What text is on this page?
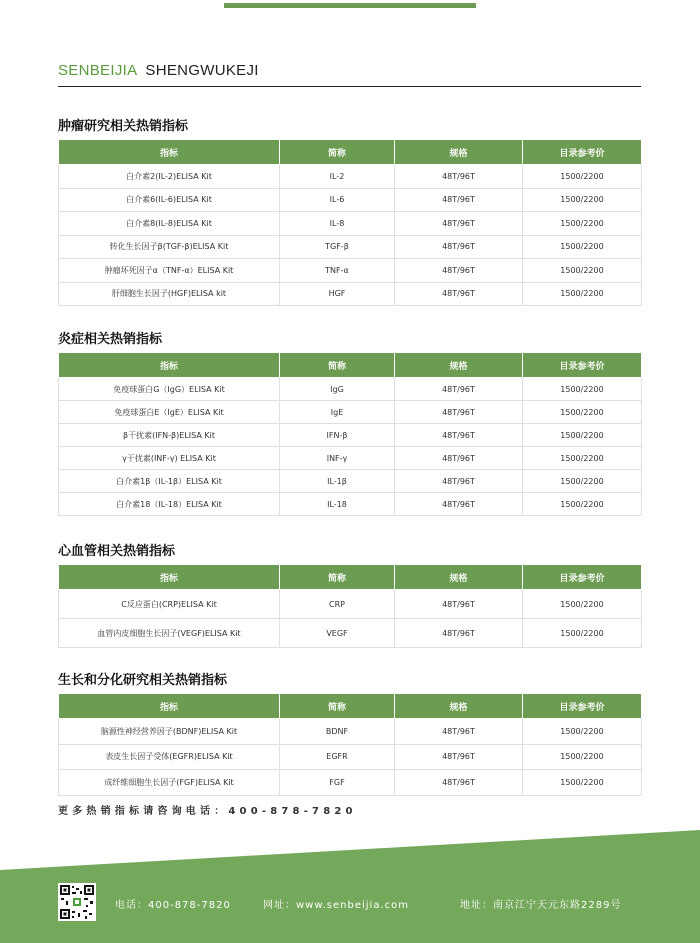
SENBEIJIA SHENGWUKEJI
肿瘤研究相关热销指标
指标	简称	规格	目录参考价
白介素2(IL-2)ELISA Kit	IL-2	48T/96T	1500/2200
白介素6(IL-6)ELISA Kit	IL-6	48T/96T	1500/2200
白介素8(IL-8)ELISA Kit	IL-8	48T/96T	1500/2200
转化生长因子β(TGF-β)ELISA Kit	TGF-β	48T/96T	1500/2200
肿瘤坏死因子α（TNF-α）ELISA Kit	TNF-α	48T/96T	1500/2200
肝细胞生长因子(HGF)ELISA kit	HGF	48T/96T	1500/2200
炎症相关热销指标
指标	简称	规格	目录参考价
免疫球蛋白G（IgG）ELISA Kit	IgG	48T/96T	1500/2200
免疫球蛋白E（IgE）ELISA Kit	IgE	48T/96T	1500/2200
β干扰素(IFN-β)ELISA Kit	IFN-β	48T/96T	1500/2200
γ干扰素(INF-γ) ELISA Kit	INF-γ	48T/96T	1500/2200
白介素1β（IL-1β）ELISA Kit	IL-1β	48T/96T	1500/2200
白介素18（IL-18）ELISA Kit	IL-18	48T/96T	1500/2200
心血管相关热销指标
指标	简称	规格	目录参考价
C反应蛋白(CRP)ELISA Kit	CRP	48T/96T	1500/2200
血管内皮细胞生长因子(VEGF)ELISA Kit	VEGF	48T/96T	1500/2200
生长和分化研究相关热销指标
指标	简称	规格	目录参考价
脑源性神经营养因子(BDNF)ELISA Kit	BDNF	48T/96T	1500/2200
表皮生长因子受体(EGFR)ELISA Kit	EGFR	48T/96T	1500/2200
成纤维细胞生长因子(FGF)ELISA Kit	FGF	48T/96T	1500/2200
更多热销指标请咨询电话：400-878-7820
电话：400-878-7820	网址：www.senbeijia.com	地址：南京江宁天元东路2289号
